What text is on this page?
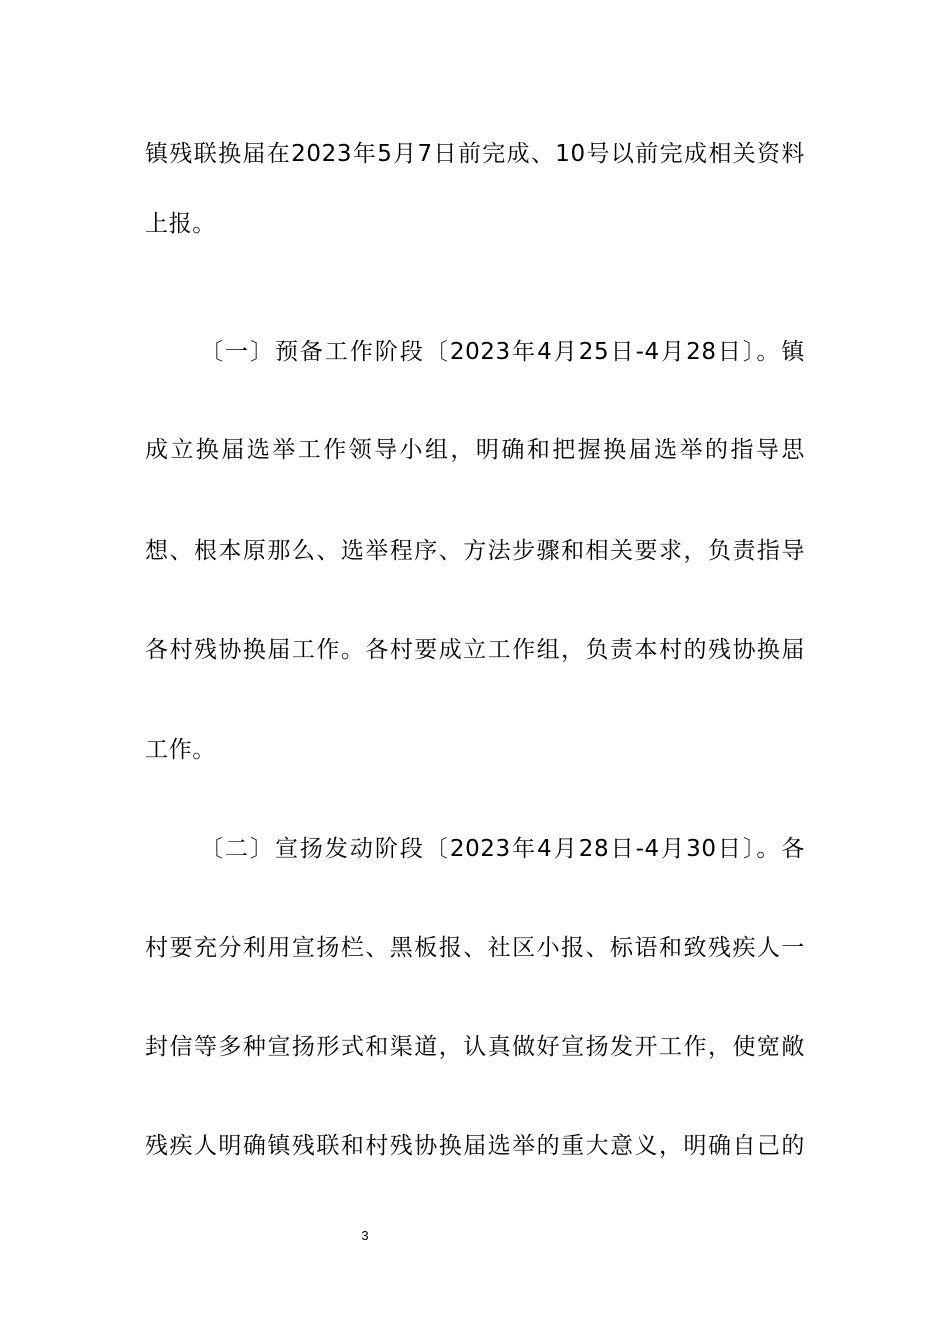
镇残联换届在2023年5月7日前完成、10号以前完成相关资料
上报。
〔一〕预备工作阶段〔2023年4月25日-4月28日〕。镇
成立换届选举工作领导小组，明确和把握换届选举的指导思
想、根本原那么、选举程序、方法步骤和相关要求，负责指导
各村残协换届工作。各村要成立工作组，负责本村的残协换届
工作。
〔二〕宣扬发动阶段〔2023年4月28日-4月30日〕。各
村要充分利用宣扬栏、黑板报、社区小报、标语和致残疾人一
封信等多种宣扬形式和渠道，认真做好宣扬发开工作，使宽敞
残疾人明确镇残联和村残协换届选举的重大意义，明确自己的
3
